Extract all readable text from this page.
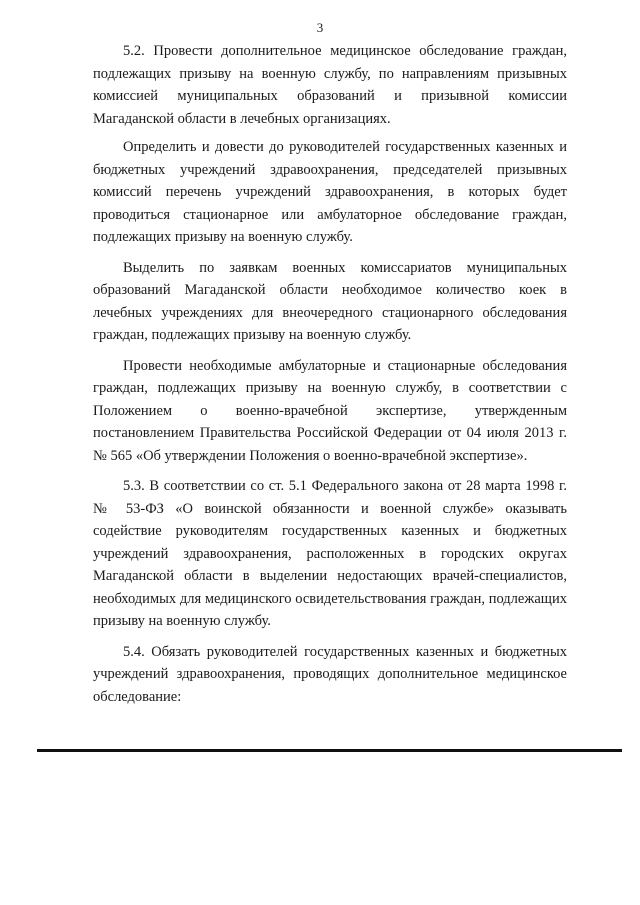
3

5.2. Провести дополнительное медицинское обследование граждан, подлежащих призыву на военную службу, по направлениям призывных комиссией муниципальных образований и призывной комиссии Магаданской области в лечебных организациях.

Определить и довести до руководителей государственных казенных и бюджетных учреждений здравоохранения, председателей призывных комиссий перечень учреждений здравоохранения, в которых будет проводиться стационарное или амбулаторное обследование граждан, подлежащих призыву на военную службу.

Выделить по заявкам военных комиссариатов муниципальных образований Магаданской области необходимое количество коек в лечебных учреждениях для внеочередного стационарного обследования граждан, подлежащих призыву на военную службу.

Провести необходимые амбулаторные и стационарные обследования граждан, подлежащих призыву на военную службу, в соответствии с Положением о военно-врачебной экспертизе, утвержденным постановлением Правительства Российской Федерации от 04 июля 2013 г. № 565 «Об утверждении Положения о военно-врачебной экспертизе».

5.3. В соответствии со ст. 5.1 Федерального закона от 28 марта 1998 г. № 53-ФЗ «О воинской обязанности и военной службе» оказывать содействие руководителям государственных казенных и бюджетных учреждений здравоохранения, расположенных в городских округах Магаданской области в выделении недостающих врачей-специалистов, необходимых для медицинского освидетельствования граждан, подлежащих призыву на военную службу.

5.4. Обязать руководителей государственных казенных и бюджетных учреждений здравоохранения, проводящих дополнительное медицинское обследование:
